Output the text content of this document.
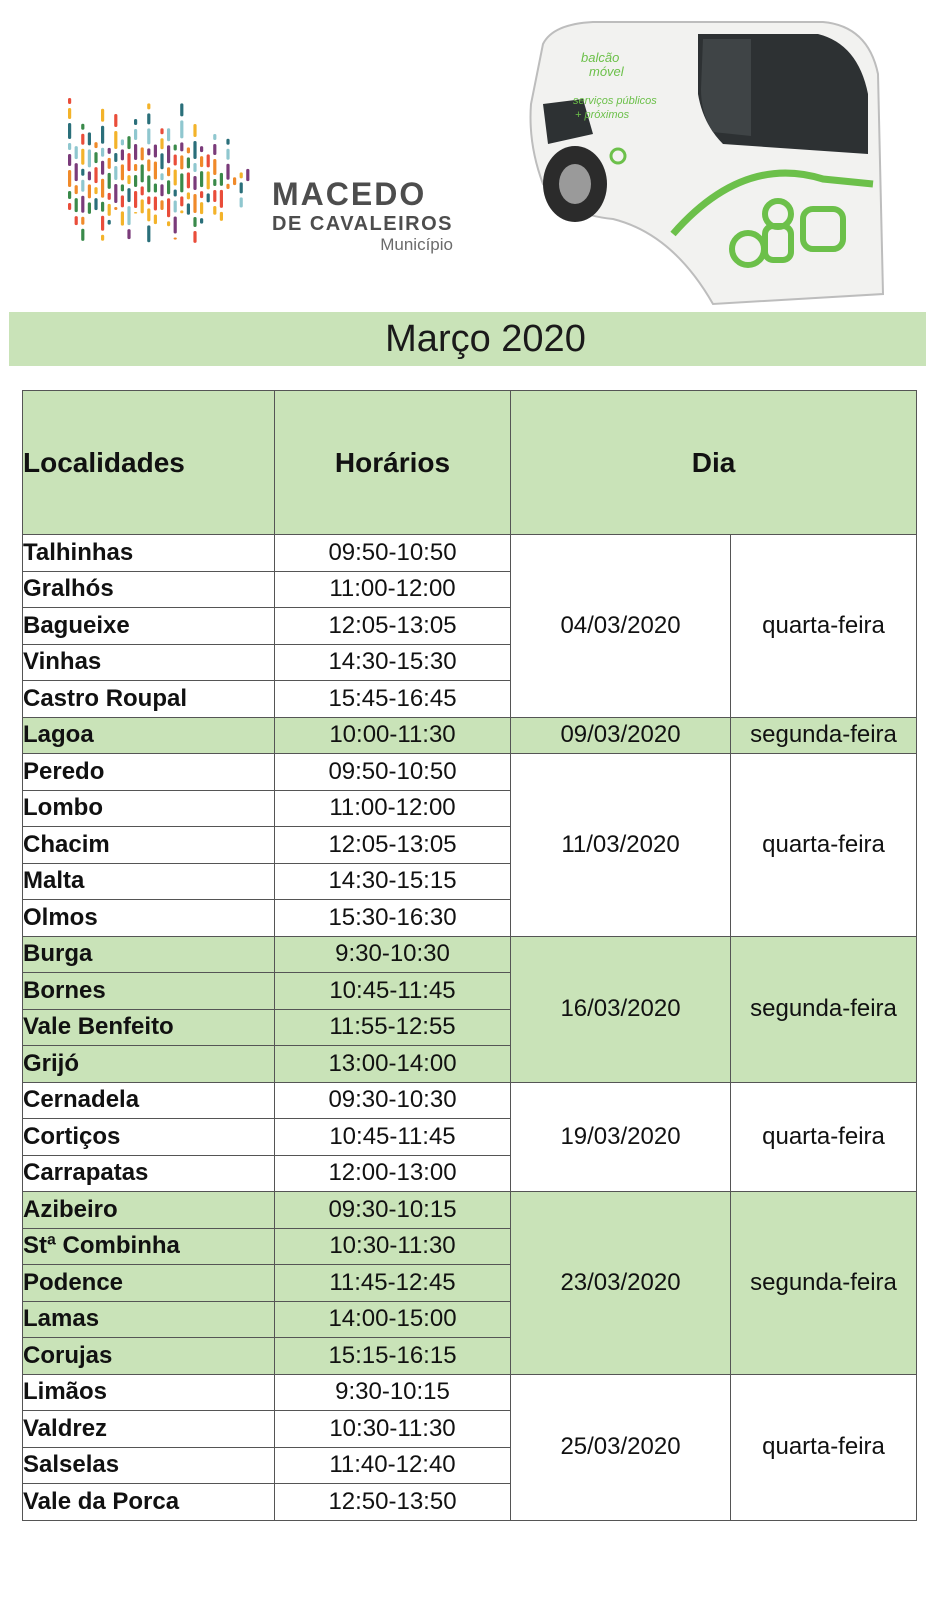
MACEDO
DE CAVALEIROS
Município
balcão
móvel
serviços públicos
+ próximos
Março 2020
Localidades	Horários	Dia	
Talhinhas	09:50-10:50	04/03/2020	quarta-feira
Gralhós	11:00-12:00		
Bagueixe	12:05-13:05		
Vinhas	14:30-15:30		
Castro Roupal	15:45-16:45		
Lagoa	10:00-11:30	09/03/2020	segunda-feira
Peredo	09:50-10:50	11/03/2020	quarta-feira
Lombo	11:00-12:00		
Chacim	12:05-13:05		
Malta	14:30-15:15		
Olmos	15:30-16:30		
Burga	9:30-10:30	16/03/2020	segunda-feira
Bornes	10:45-11:45		
Vale Benfeito	11:55-12:55		
Grijó	13:00-14:00		
Cernadela	09:30-10:30	19/03/2020	quarta-feira
Cortiços	10:45-11:45		
Carrapatas	12:00-13:00		
Azibeiro	09:30-10:15	23/03/2020	segunda-feira
Stª Combinha	10:30-11:30		
Podence	11:45-12:45		
Lamas	14:00-15:00		
Corujas	15:15-16:15		
Limãos	9:30-10:15	25/03/2020	quarta-feira
Valdrez	10:30-11:30		
Salselas	11:40-12:40		
Vale da Porca	12:50-13:50		
